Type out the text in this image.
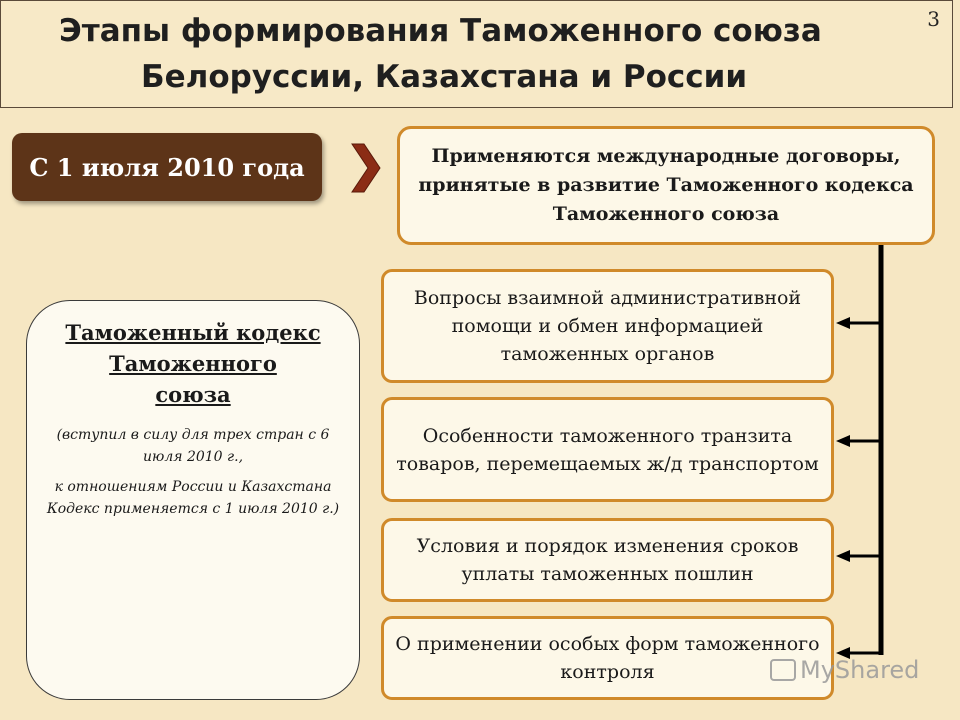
Этапы формирования Таможенного союза
Белоруссии, Казахстана и России
3
С 1 июля 2010 года	Применяются международные договоры, принятые в развитие Таможенного кодекса Таможенного союза
Таможенный кодекс
Таможенного
союза
(вступил в силу для трех стран с 6 июля 2010 г.,
к отношениям России и Казахстана Кодекс применяется с 1 июля 2010 г.)
Вопросы взаимной административной помощи и обмен информацией таможенных органов
Особенности таможенного транзита товаров, перемещаемых ж/д транспортом
Условия и порядок изменения сроков уплаты таможенных пошлин
О применении особых форм таможенного контроля	MyShared
